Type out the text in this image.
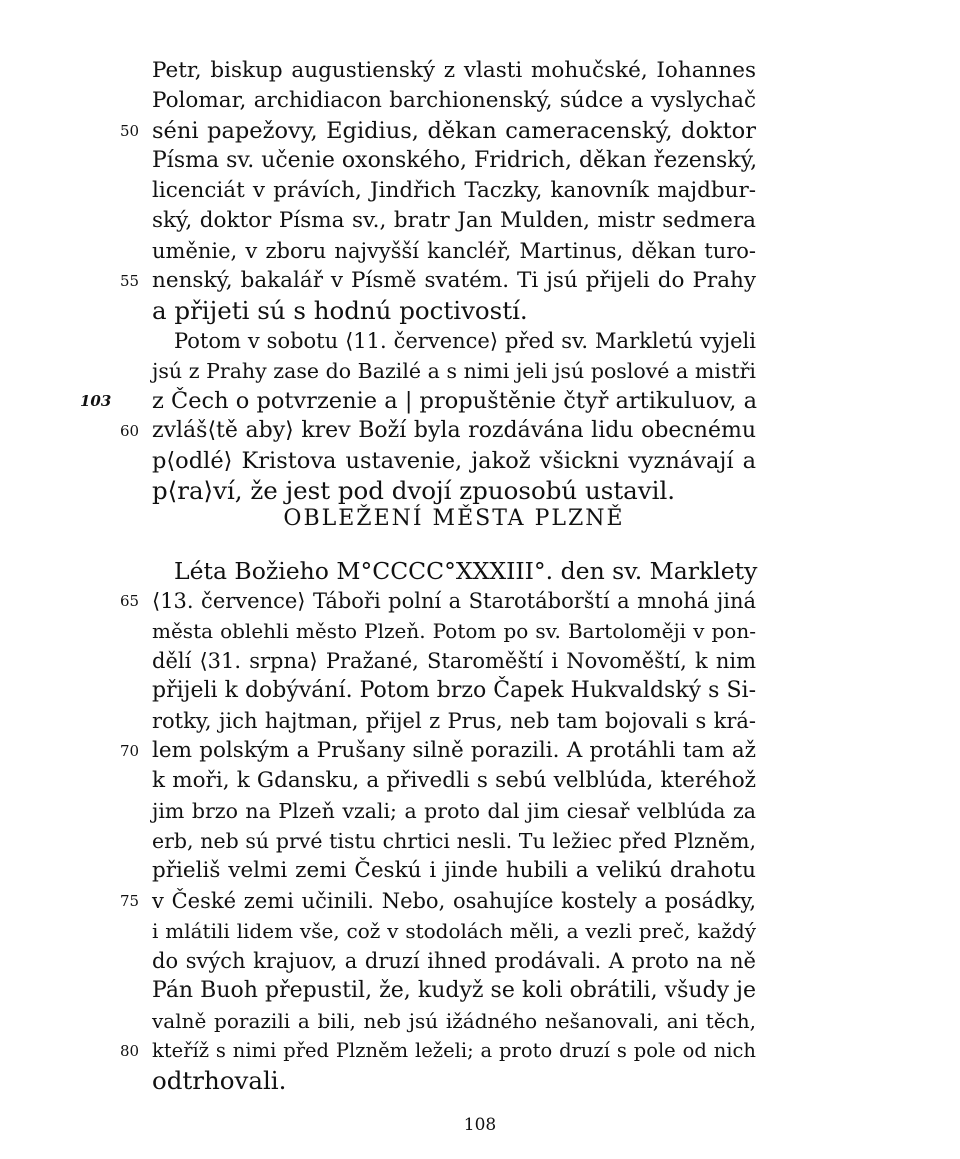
Petr, biskup augustienský z vlasti mohučské, Iohannes
Polomar, archidiacon barchionenský, súdce a vyslychač
séni papežovy, Egidius, děkan cameracenský, doktor
50
Písma sv. učenie oxonského, Fridrich, děkan řezenský,
licenciát v právích, Jindřich Taczky, kanovník majdbur-
ský, doktor Písma sv., bratr Jan Mulden, mistr sedmera
uměnie, v zboru najvyšší kancléř, Martinus, děkan turo-
nenský, bakalář v Písmě svatém. Ti jsú přijeli do Prahy
55
a přijeti sú s hodnú poctivostí.
Potom v sobotu ⟨11. července⟩ před sv. Markletú vyjeli
jsú z Prahy zase do Bazilé a s nimi jeli jsú poslové a mistři
103 z Čech o potvrzenie a | propuštěnie čtyř artikuluov, a
zvláš⟨tě aby⟩ krev Boží byla rozdávána lidu obecnému
60
p⟨odlé⟩ Kristova ustavenie, jakož všickni vyznávají a
p⟨ra⟩ví, že jest pod dvojí zpuosobú ustavil.
OBLEŽENÍ MĚSTA PLZNĚ
Léta Božieho M°CCCC°XXXIII°. den sv. Marklety
⟨13. července⟩ Táboři polní a Starotáborští a mnohá jiná
65
města oblehli město Plzeň. Potom po sv. Bartoloměji v pon-
dělí ⟨31. srpna⟩ Pražané, Staroměští i Novoměští, k nim
přijeli k dobývání. Potom brzo Čapek Hukvaldský s Si-
rotky, jich hajtman, přijel z Prus, neb tam bojovali s krá-
lem polským a Prušany silně porazili. A protáhli tam až
70
k moři, k Gdansku, a přivedli s sebú velblúda, kteréhož
jim brzo na Plzeň vzali; a proto dal jim ciesař velblúda za
erb, neb sú prvé tistu chrtici nesli. Tu ležiec před Plzněm,
přieliš velmi zemi Českú i jinde hubili a velikú drahotu
v České zemi učinili. Nebo, osahujíce kostely a posádky,
75
i mlátili lidem vše, což v stodolách měli, a vezli preč, každý
do svých krajuov, a druzí ihned prodávali. A proto na ně
Pán Buoh přepustil, že, kudyž se koli obrátili, všudy je
valně porazili a bili, neb jsú ižádného nešanovali, ani těch,
kteříž s nimi před Plzněm leželi; a proto druzí s pole od nich
80
odtrhovali.
108
